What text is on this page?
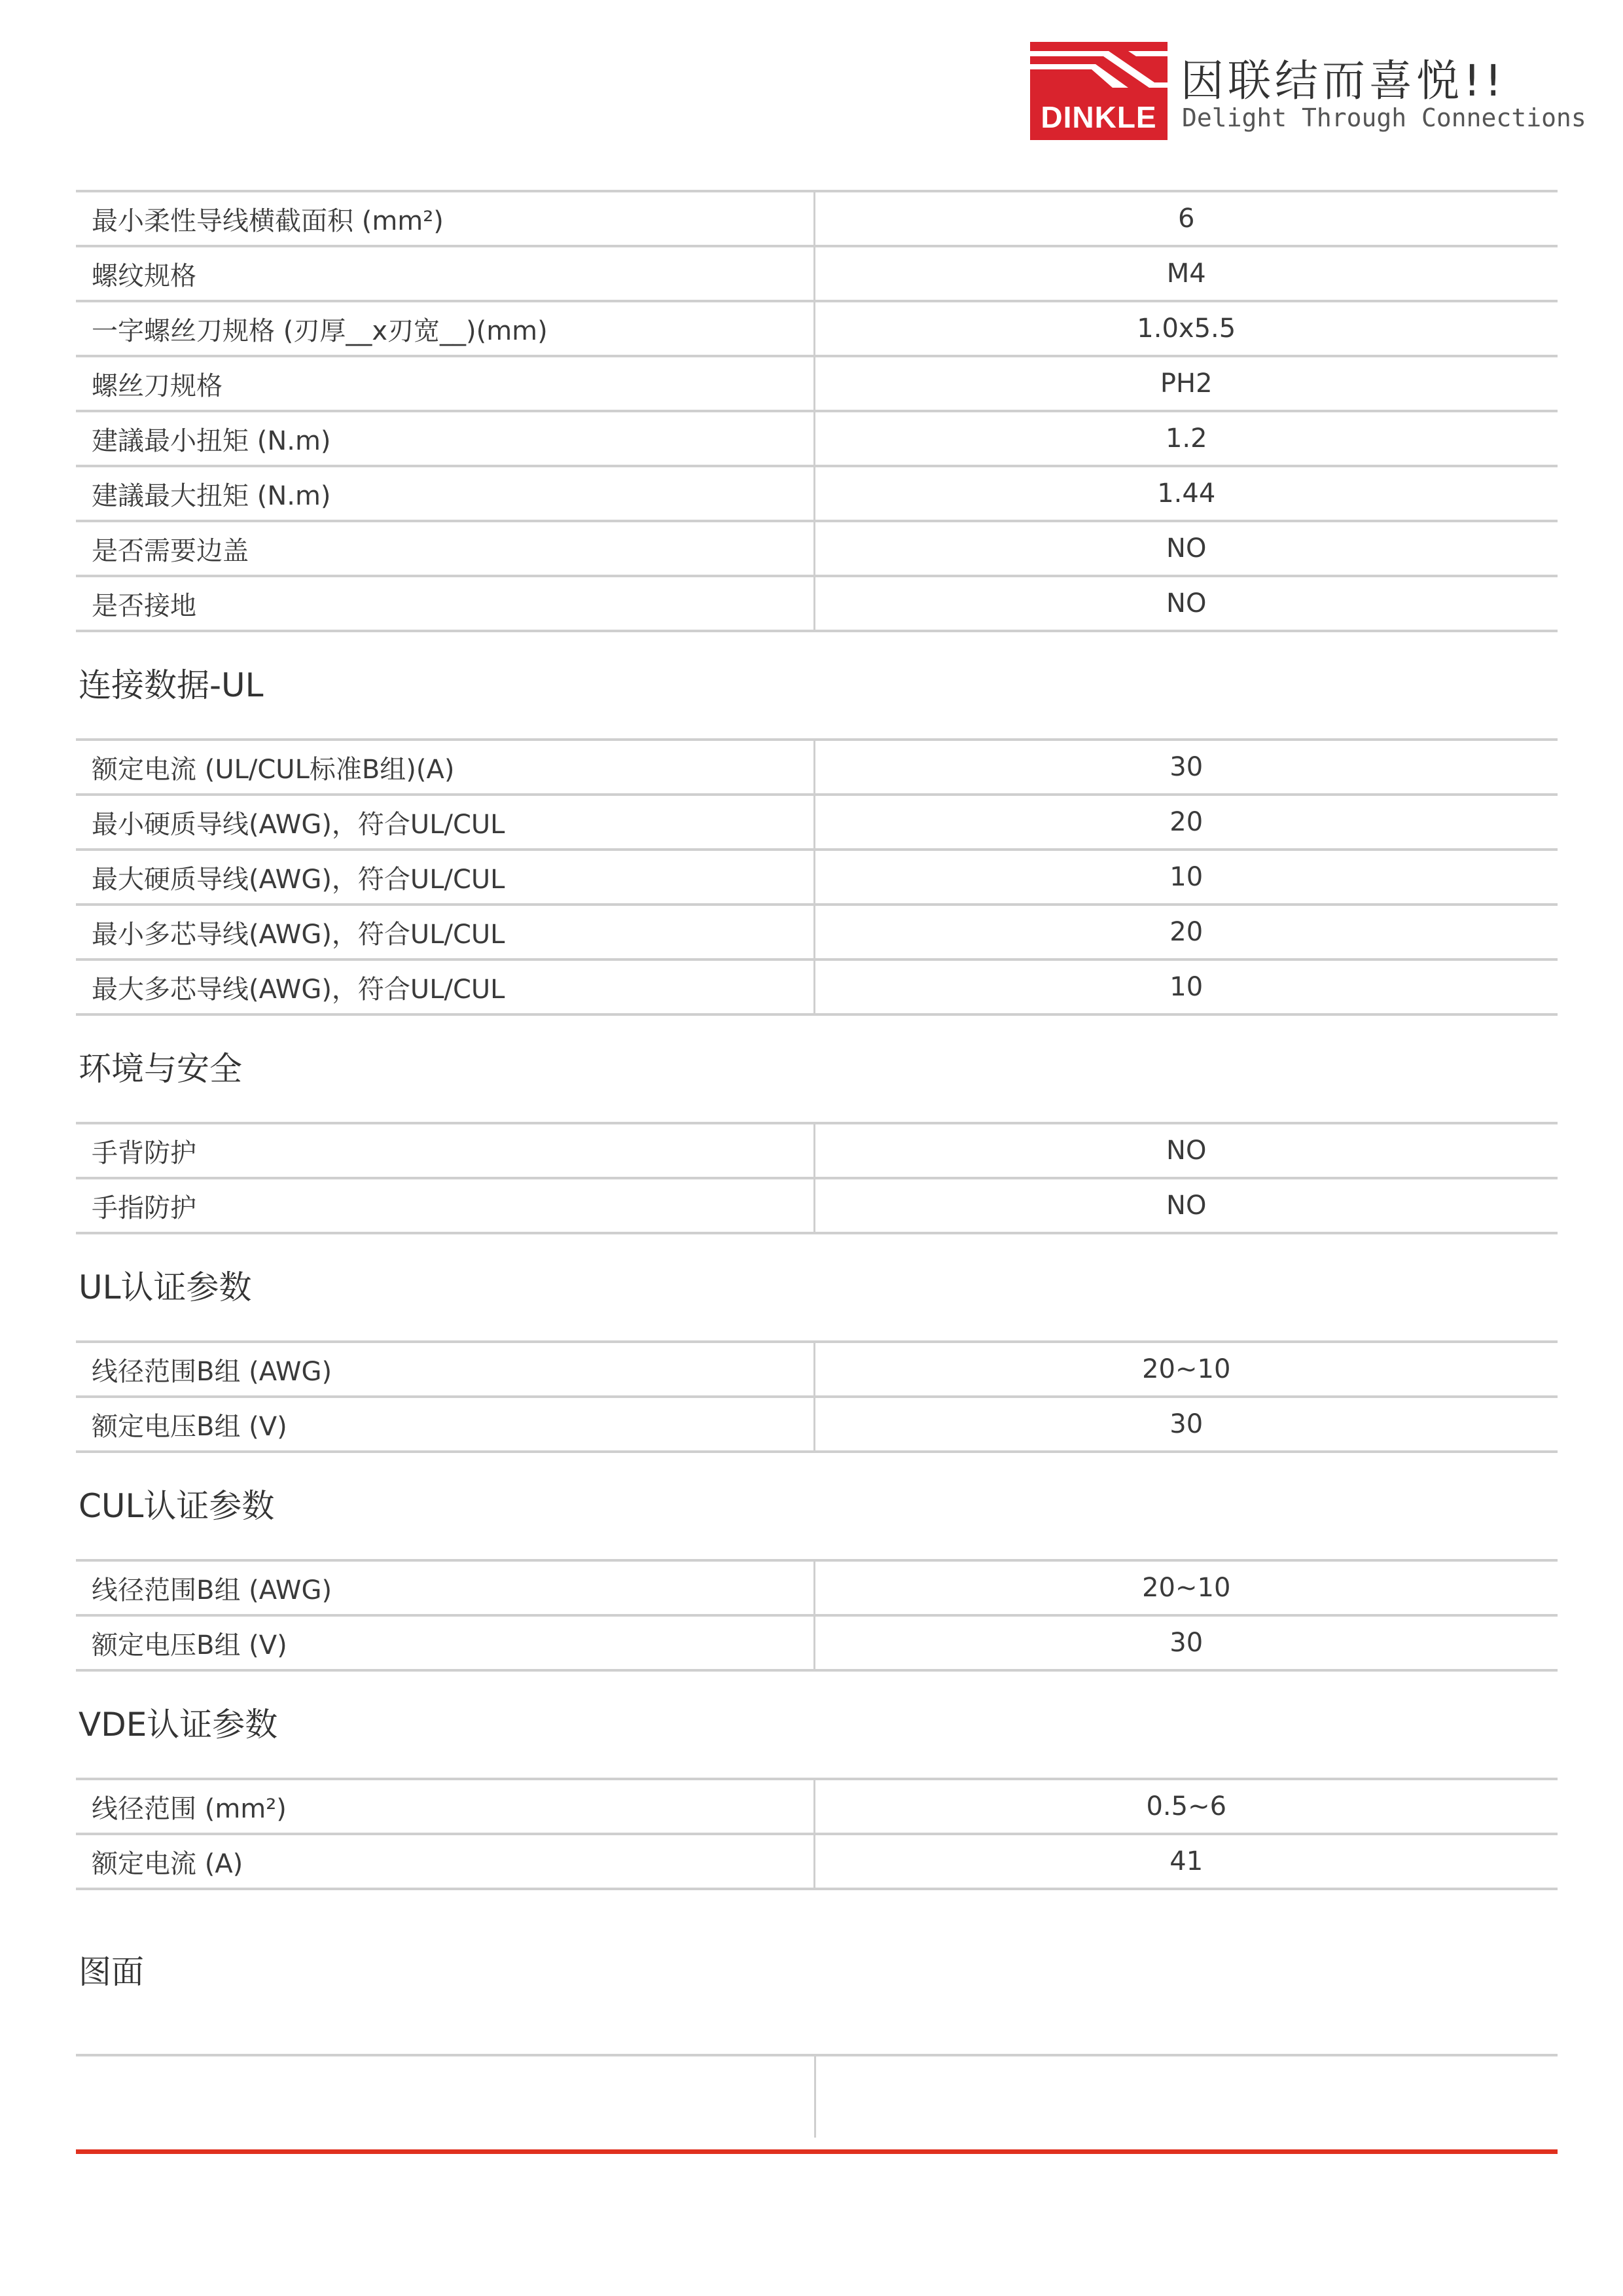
DINKLE
因联结而喜悦!!
Delight Through Connections
最小柔性导线横截面积 (mm²)	6
螺纹规格	M4
一字螺丝刀规格 (刃厚__x刃宽__)(mm)	1.0x5.5
螺丝刀规格	PH2
建議最小扭矩 (N.m)	1.2
建議最大扭矩 (N.m)	1.44
是否需要边盖	NO
是否接地	NO
连接数据-UL
额定电流 (UL/CUL标准B组)(A)	30
最小硬质导线(AWG)，符合UL/CUL	20
最大硬质导线(AWG)，符合UL/CUL	10
最小多芯导线(AWG)，符合UL/CUL	20
最大多芯导线(AWG)，符合UL/CUL	10
环境与安全
手背防护	NO
手指防护	NO
UL认证参数
线径范围B组 (AWG)	20~10
额定电压B组 (V)	30
CUL认证参数
线径范围B组 (AWG)	20~10
额定电压B组 (V)	30
VDE认证参数
线径范围 (mm²)	0.5~6
额定电流 (A)	41
图面
